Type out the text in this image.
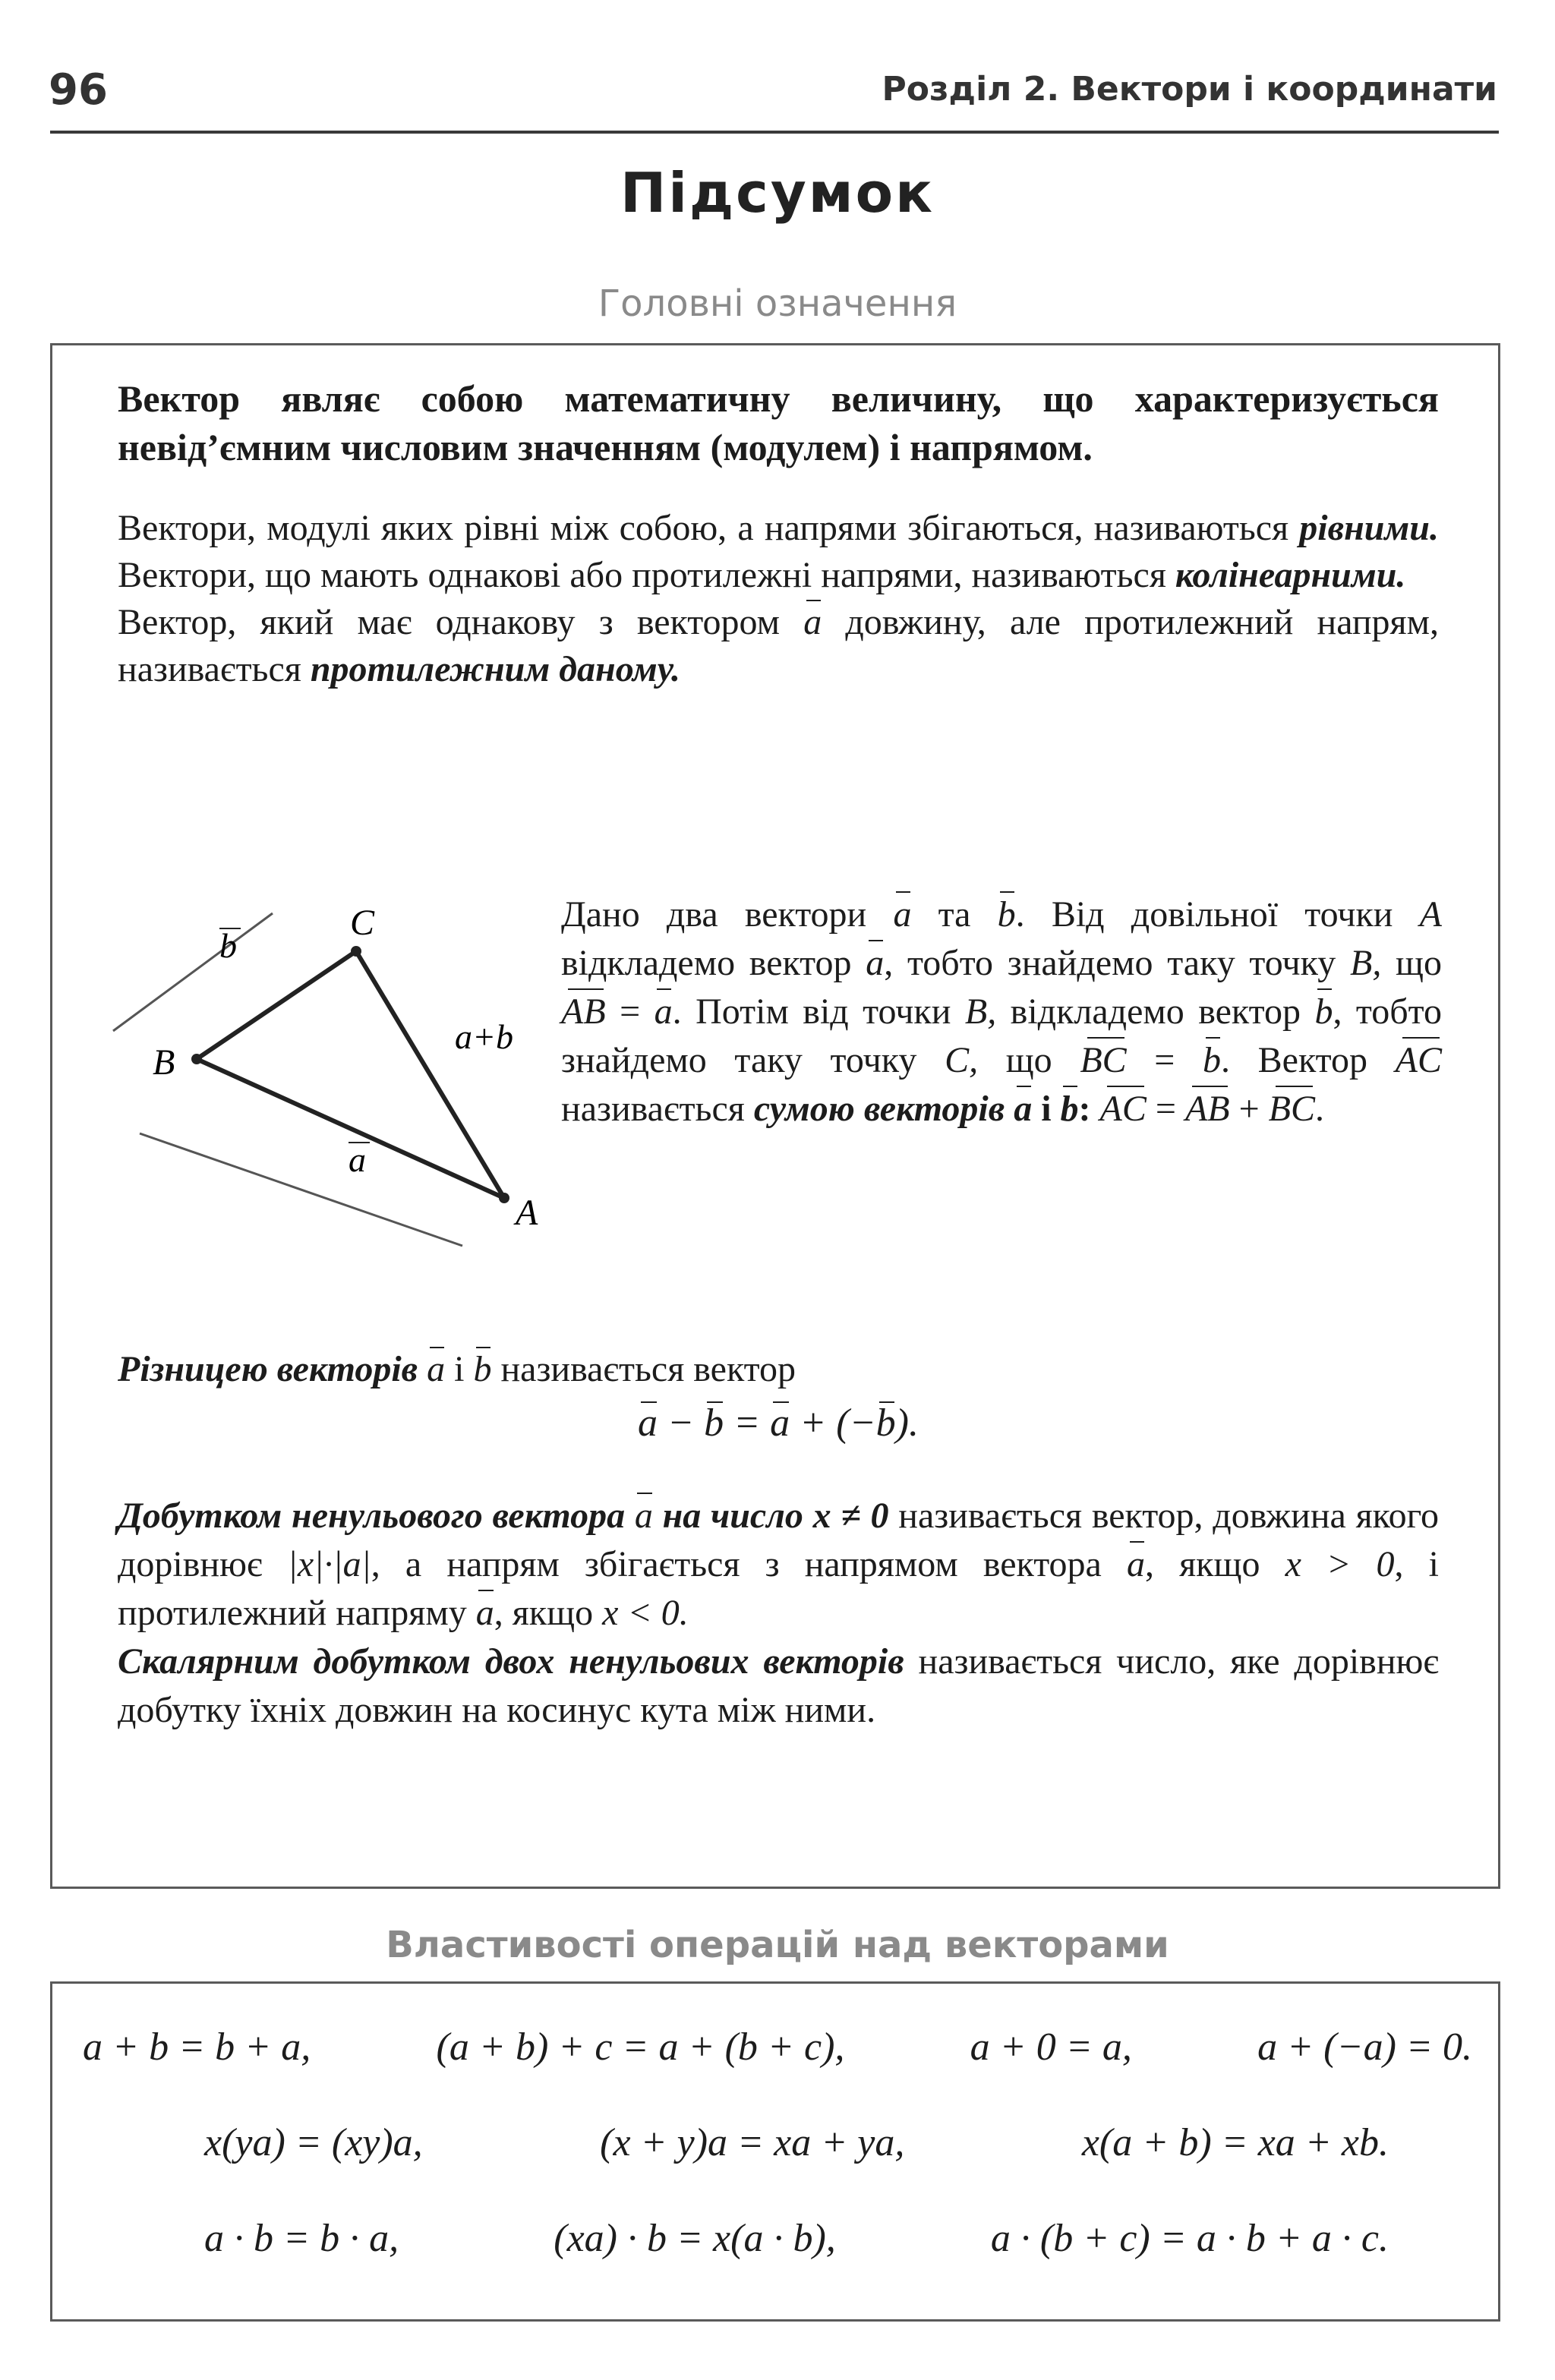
96	Розділ 2. Вектори і координати
Підсумок
Головні означення

Вектор являє собою математичну величину, що характеризується невід’ємним числовим значенням (модулем) і напрямом.

Вектори, модулі яких рівні між собою, а напрями збігаються, називаються рівними. Вектори, що мають однакові або протилежні напрями, називаються колінеарними.

Вектор, який має однакову з вектором a довжину, але протилежний напрям, називається протилежним даному.

C
B
A
b
a
a+b

Дано два вектори a та b. Від довільної точки A відкладемо вектор a, тобто знайдемо таку точку B, що AB = a. Потім від точки B, відкладемо вектор b, тобто знайдемо таку точку C, що BC = b. Вектор AC називається сумою векторів a і b: AC = AB + BC.

Різницею векторів a і b називається вектор

a − b = a + (−b).

Добутком ненульового вектора a на число x ≠ 0 називається вектор, довжина якого дорівнює |x|·|a|, а напрям збігається з напрямом вектора a, якщо x > 0, і протилежний напряму a, якщо x < 0.

Скалярним добутком двох ненульових векторів називається число, яке дорівнює добутку їхніх довжин на косинус кута між ними.

Властивості операцій над векторами
a + b = b + a,	(a + b) + c = a + (b + c),	a + 0 = a,	a + (−a) = 0.
x(ya) = (xy)a,	(x + y)a = xa + ya,	x(a + b) = xa + xb.
a · b = b · a,	(xa) · b = x(a · b),	a · (b + c) = a · b + a · c.
